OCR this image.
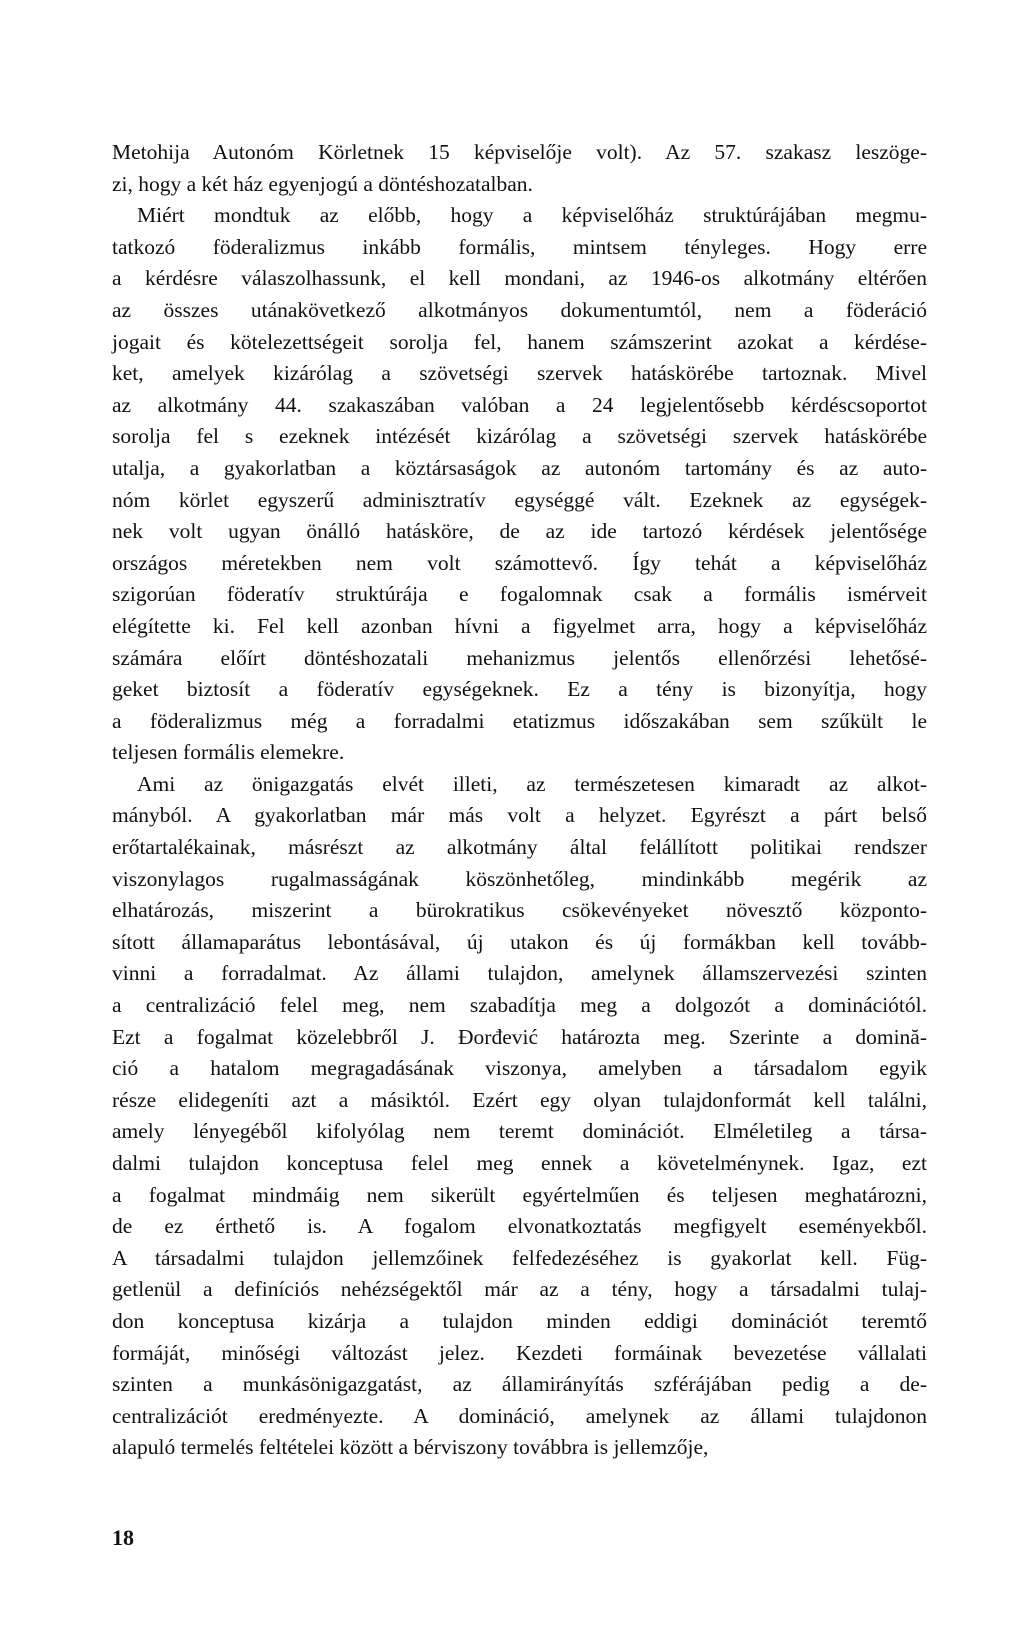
Metohija Autonóm Körletnek 15 képviselője volt). Az 57. szakasz leszöge-
zi, hogy a két ház egyenjogú a döntéshozatalban.
Miért mondtuk az előbb, hogy a képviselőház struktúrájában megmu-
tatkozó föderalizmus inkább formális, mintsem tényleges. Hogy erre
a kérdésre válaszolhassunk, el kell mondani, az 1946-os alkotmány eltérően
az összes utánakövetkező alkotmányos dokumentumtól, nem a föderáció
jogait és kötelezettségeit sorolja fel, hanem számszerint azokat a kérdése-
ket, amelyek kizárólag a szövetségi szervek hatáskörébe tartoznak. Mivel
az alkotmány 44. szakaszában valóban a 24 legjelentősebb kérdéscsoportot
sorolja fel s ezeknek intézését kizárólag a szövetségi szervek hatáskörébe
utalja, a gyakorlatban a köztársaságok az autonóm tartomány és az auto-
nóm körlet egyszerű adminisztratív egységgé vált. Ezeknek az egységek-
nek volt ugyan önálló hatásköre, de az ide tartozó kérdések jelentősége
országos méretekben nem volt számottevő. Így tehát a képviselőház
szigorúan föderatív struktúrája e fogalomnak csak a formális ismérveit
elégítette ki. Fel kell azonban hívni a figyelmet arra, hogy a képviselőház
számára előírt döntéshozatali mehanizmus jelentős ellenőrzési lehetősé-
geket biztosít a föderatív egységeknek. Ez a tény is bizonyítja, hogy
a föderalizmus még a forradalmi etatizmus időszakában sem szűkült le
teljesen formális elemekre.
Ami az önigazgatás elvét illeti, az természetesen kimaradt az alkot-
mányból. A gyakorlatban már más volt a helyzet. Egyrészt a párt belső
erőtartalékainak, másrészt az alkotmány által felállított politikai rendszer
viszonylagos rugalmasságának köszönhetőleg, mindinkább megérik az
elhatározás, miszerint a bürokratikus csökevényeket növesztő központo-
sított államaparátus lebontásával, új utakon és új formákban kell tovább-
vinni a forradalmat. Az állami tulajdon, amelynek államszervezési szinten
a centralizáció felel meg, nem szabadítja meg a dolgozót a dominációtól.
Ezt a fogalmat közelebbről J. Đorđević határozta meg. Szerinte a domină-
ció a hatalom megragadásának viszonya, amelyben a társadalom egyik
része elidegeníti azt a másiktól. Ezért egy olyan tulajdonformát kell találni,
amely lényegéből kifolyólag nem teremt dominációt. Elméletileg a társa-
dalmi tulajdon konceptusa felel meg ennek a követelménynek. Igaz, ezt
a fogalmat mindmáig nem sikerült egyértelműen és teljesen meghatározni,
de ez érthető is. A fogalom elvonatkoztatás megfigyelt eseményekből.
A társadalmi tulajdon jellemzőinek felfedezéséhez is gyakorlat kell. Füg-
getlenül a definíciós nehézségektől már az a tény, hogy a társadalmi tulaj-
don konceptusa kizárja a tulajdon minden eddigi dominációt teremtő
formáját, minőségi változást jelez. Kezdeti formáinak bevezetése vállalati
szinten a munkásönigazgatást, az államirányítás szférájában pedig a de-
centralizációt eredményezte. A domináció, amelynek az állami tulajdonon
alapuló termelés feltételei között a bérviszony továbbra is jellemzője,
18
